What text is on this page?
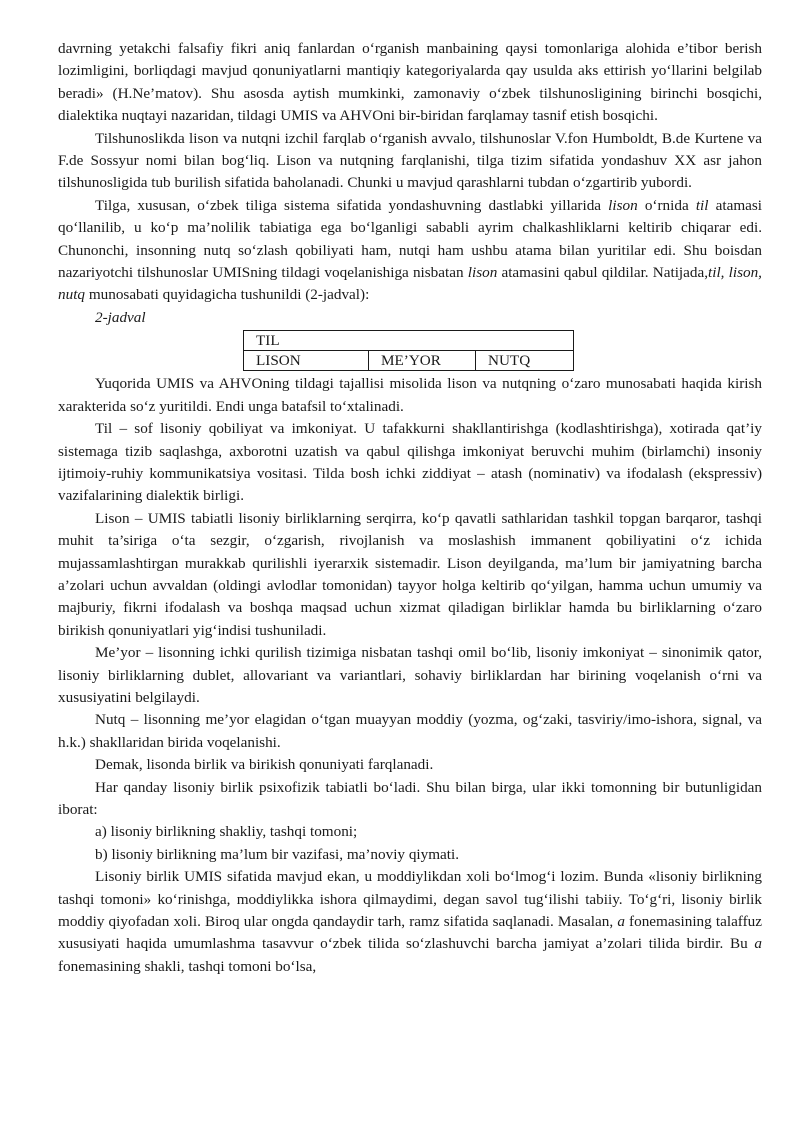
davrning yetakchi falsafiy fikri aniq fanlardan o‘rganish manbaining qaysi tomonlariga alohida e’tibor berish lozimligini, borliqdagi mavjud qonuniyatlarni mantiqiy kategoriyalarda qay usulda aks ettirish yo‘llarini belgilab beradi» (H.Ne’matov). Shu asosda aytish mumkinki, zamonaviy o‘zbek tilshunosligining birinchi bosqichi, dialektika nuqtayi nazaridan, tildagi UMIS va AHVOni bir-biridan farqlamay tasnif etish bosqichi.

Tilshunoslikda lison va nutqni izchil farqlab o‘rganish avvalo, tilshunoslar V.fon Humboldt, B.de Kurtene va F.de Sossyur nomi bilan bog‘liq. Lison va nutqning farqlanishi, tilga tizim sifatida yondashuv XX asr jahon tilshunosligida tub burilish sifatida baholanadi. Chunki u mavjud qarashlarni tubdan o‘zgartirib yubordi.

Tilga, xususan, o‘zbek tiliga sistema sifatida yondashuvning dastlabki yillarida lison o‘rnida til atamasi qo‘llanilib, u ko‘p ma’nolilik tabiatiga ega bo‘lganligi sababli ayrim chalkashliklarni keltirib chiqarar edi. Chunonchi, insonning nutq so‘zlash qobiliyati ham, nutqi ham ushbu atama bilan yuritilar edi. Shu boisdan nazariyotchi tilshunoslar UMISning tildagi voqelanishiga nisbatan lison atamasini qabul qildilar. Natijada,til, lison, nutq munosabati quyidagicha tushunildi (2-jadval):

2-jadval

TIL
LISON	ME’YOR	NUTQ

Yuqorida UMIS va AHVOning tildagi tajallisi misolida lison va nutqning o‘zaro munosabati haqida kirish xarakterida so‘z yuritildi. Endi unga batafsil to‘xtalinadi.

Til – sof lisoniy qobiliyat va imkoniyat. U tafakkurni shakllantirishga (kodlashtirishga), xotirada qat’iy sistemaga tizib saqlashga, axborotni uzatish va qabul qilishga imkoniyat beruvchi muhim (birlamchi) insoniy ijtimoiy-ruhiy kommunikatsiya vositasi. Tilda bosh ichki ziddiyat – atash (nominativ) va ifodalash (ekspressiv) vazifalarining dialektik birligi.

Lison – UMIS tabiatli lisoniy birliklarning serqirra, ko‘p qavatli sathlaridan tashkil topgan barqaror, tashqi muhit ta’siriga o‘ta sezgir, o‘zgarish, rivojlanish va moslashish immanent qobiliyatini o‘z ichida mujassamlashtirgan murakkab qurilishli iyerarxik sistemadir. Lison deyilganda, ma’lum bir jamiyatning barcha a’zolari uchun avvaldan (oldingi avlodlar tomonidan) tayyor holga keltirib qo‘yilgan, hamma uchun umumiy va majburiy, fikrni ifodalash va boshqa maqsad uchun xizmat qiladigan birliklar hamda bu birliklarning o‘zaro birikish qonuniyatlari yig‘indisi tushuniladi.

Me’yor – lisonning ichki qurilish tizimiga nisbatan tashqi omil bo‘lib, lisoniy imkoniyat – sinonimik qator, lisoniy birliklarning dublet, allovariant va variantlari, sohaviy birliklardan har birining voqelanish o‘rni va xususiyatini belgilaydi.

Nutq – lisonning me’yor elagidan o‘tgan muayyan moddiy (yozma, og‘zaki, tasviriy/imo-ishora, signal, va h.k.) shakllaridan birida voqelanishi.

Demak, lisonda birlik va birikish qonuniyati farqlanadi.

Har qanday lisoniy birlik psixofizik tabiatli bo‘ladi. Shu bilan birga, ular ikki tomonning bir butunligidan iborat:

a) lisoniy birlikning shakliy, tashqi tomoni;

b) lisoniy birlikning ma’lum bir vazifasi, ma’noviy qiymati.

Lisoniy birlik UMIS sifatida mavjud ekan, u moddiylikdan xoli bo‘lmog‘i lozim. Bunda «lisoniy birlikning tashqi tomoni» ko‘rinishga, moddiylikka ishora qilmaydimi, degan savol tug‘ilishi tabiiy. To‘g‘ri, lisoniy birlik moddiy qiyofadan xoli. Biroq ular ongda qandaydir tarh, ramz sifatida saqlanadi. Masalan, a fonemasining talaffuz xususiyati haqida umumlashma tasavvur o‘zbek tilida so‘zlashuvchi barcha jamiyat a’zolari tilida birdir. Bu a fonemasining shakli, tashqi tomoni bo‘lsa,
